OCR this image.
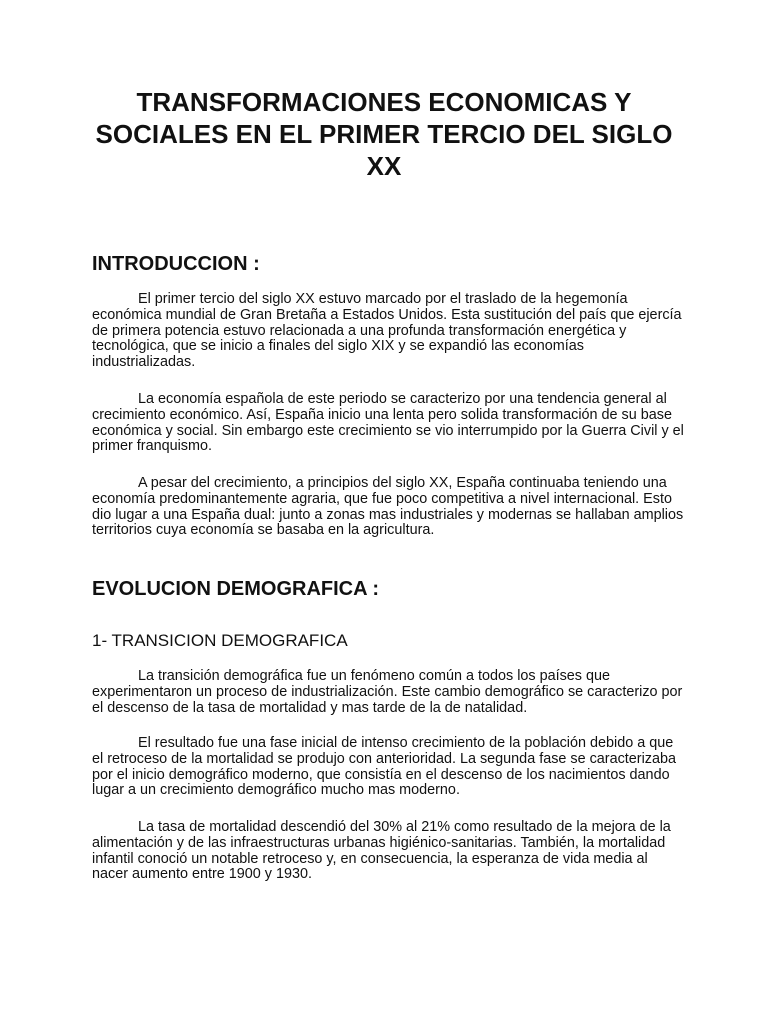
TRANSFORMACIONES ECONOMICAS Y SOCIALES EN EL PRIMER TERCIO DEL SIGLO XX
INTRODUCCION :

El primer tercio del siglo XX estuvo marcado por el traslado de la hegemonía económica mundial de Gran Bretaña a Estados Unidos. Esta sustitución del país que ejercía de primera potencia estuvo relacionada a una profunda transformación energética y tecnológica, que se inicio a finales del siglo XIX y se expandió las economías industrializadas.

La economía española de este periodo se caracterizo por una tendencia general al crecimiento económico. Así, España inicio una lenta pero solida transformación de su base económica y social. Sin embargo este crecimiento se vio interrumpido por la Guerra Civil y el primer franquismo.

A pesar del crecimiento, a principios del siglo XX, España continuaba teniendo una economía predominantemente agraria, que fue poco competitiva a nivel internacional. Esto dio lugar a una España dual: junto a zonas mas industriales y modernas se hallaban amplios territorios cuya economía se basaba en la agricultura.

EVOLUCION DEMOGRAFICA :
1- TRANSICION DEMOGRAFICA

La transición demográfica fue un fenómeno común a todos los países que experimentaron un proceso de industrialización. Este cambio demográfico se caracterizo por el descenso de la tasa de mortalidad y mas tarde de la de natalidad.

El resultado fue una fase inicial de intenso crecimiento de la población debido a que el retroceso de la mortalidad se produjo con anterioridad. La segunda fase se caracterizaba por el inicio demográfico moderno, que consistía en el descenso de los nacimientos dando lugar a un crecimiento demográfico mucho mas moderno.

La tasa de mortalidad descendió del 30% al 21% como resultado de la mejora de la alimentación y de las infraestructuras urbanas higiénico-sanitarias. También, la mortalidad infantil conoció un notable retroceso y, en consecuencia, la esperanza de vida media al nacer aumento entre 1900 y 1930.
